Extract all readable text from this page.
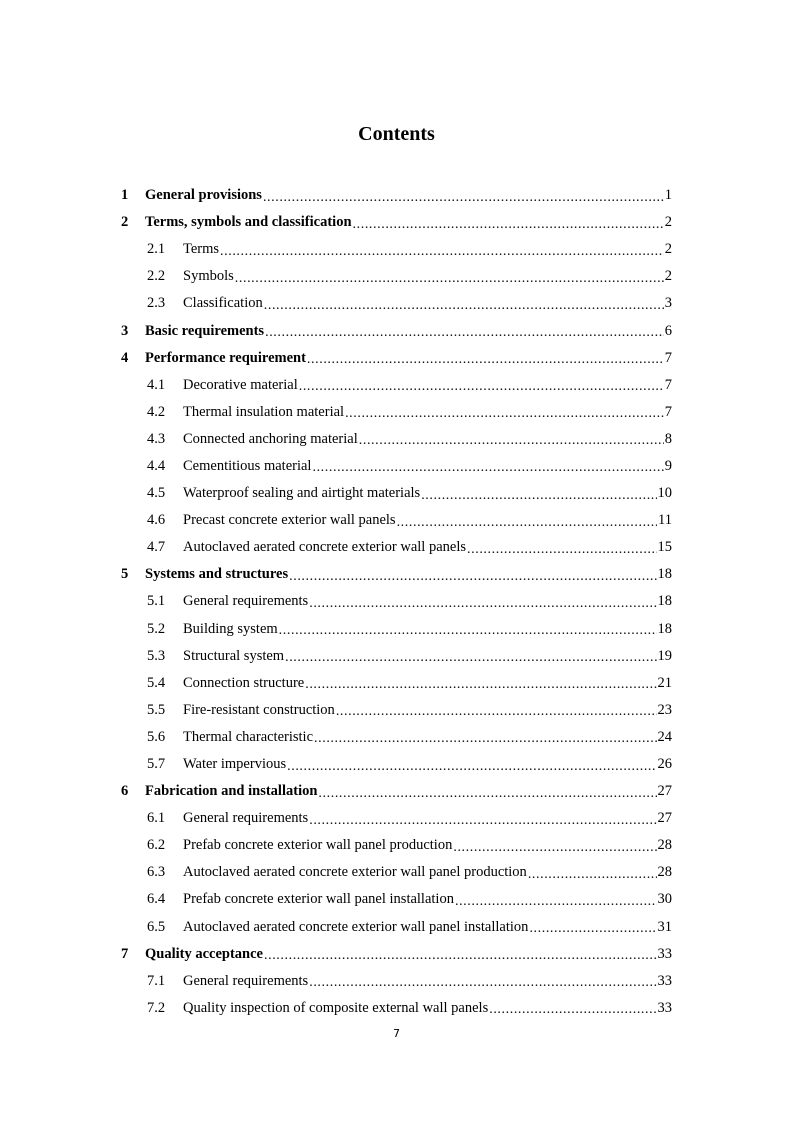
Contents
1	General provisions .....	1
2	Terms, symbols and classification .....	2
2.1	Terms .....	2
2.2	Symbols .....	2
2.3	Classification .....	3
3	Basic requirements .....	6
4	Performance requirement .....	7
4.1	Decorative material .....	7
4.2	Thermal insulation material .....	7
4.3	Connected anchoring material .....	8
4.4	Cementitious material .....	9
4.5	Waterproof sealing and airtight materials .....	10
4.6	Precast concrete exterior wall panels .....	11
4.7	Autoclaved aerated concrete exterior wall panels .....	15
5	Systems and structures .....	18
5.1	General requirements .....	18
5.2	Building system .....	18
5.3	Structural system .....	19
5.4	Connection structure .....	21
5.5	Fire-resistant construction .....	23
5.6	Thermal characteristic .....	24
5.7	Water impervious .....	26
6	Fabrication and installation .....	27
6.1	General requirements .....	27
6.2	Prefab concrete exterior wall panel production .....	28
6.3	Autoclaved aerated concrete exterior wall panel production .....	28
6.4	Prefab concrete exterior wall panel installation .....	30
6.5	Autoclaved aerated concrete exterior wall panel installation .....	31
7	Quality acceptance .....	33
7.1	General requirements .....	33
7.2	Quality inspection of composite external wall panels .....	33
7
